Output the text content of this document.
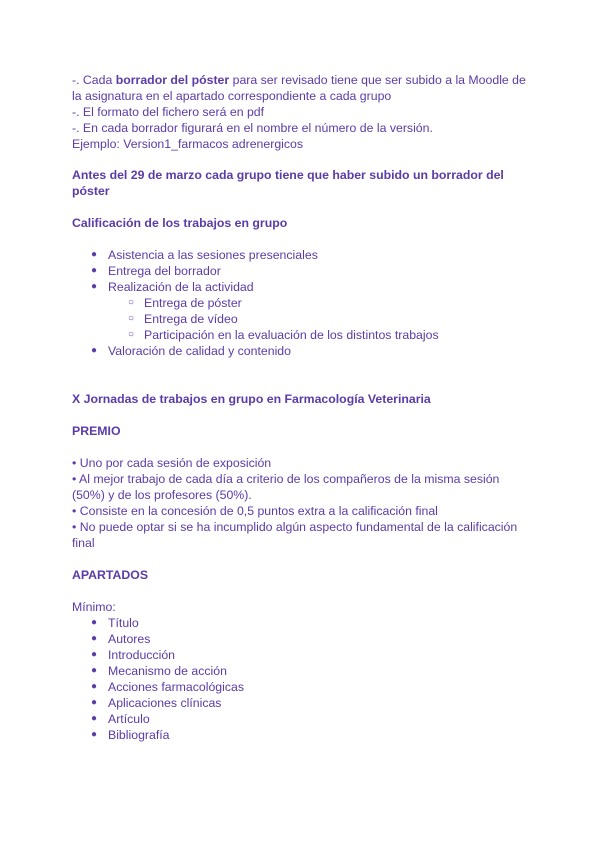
-. Cada borrador del póster para ser revisado tiene que ser subido a la Moodle de

la asignatura en el apartado correspondiente a cada grupo

-. El formato del fichero será en pdf

-. En cada borrador figurará en el nombre el número de la versión.

Ejemplo: Version1_farmacos adrenergicos

Antes del 29 de marzo cada grupo tiene que haber subido un borrador del

póster

Calificación de los trabajos en grupo
● Asistencia a las sesiones presenciales
● Entrega del borrador
● Realización de la actividad
○ Entrega de póster
○ Entrega de vídeo
○ Participación en la evaluación de los distintos trabajos
● Valoración de calidad y contenido
X Jornadas de trabajos en grupo en Farmacología Veterinaria
PREMIO

• Uno por cada sesión de exposición

• Al mejor trabajo de cada día a criterio de los compañeros de la misma sesión

(50%) y de los profesores (50%).

• Consiste en la concesión de 0,5 puntos extra a la calificación final

• No puede optar si se ha incumplido algún aspecto fundamental de la calificación

final

APARTADOS
Mínimo:
● Título
● Autores
● Introducción
● Mecanismo de acción
● Acciones farmacológicas
● Aplicaciones clínicas
● Artículo
● Bibliografía
